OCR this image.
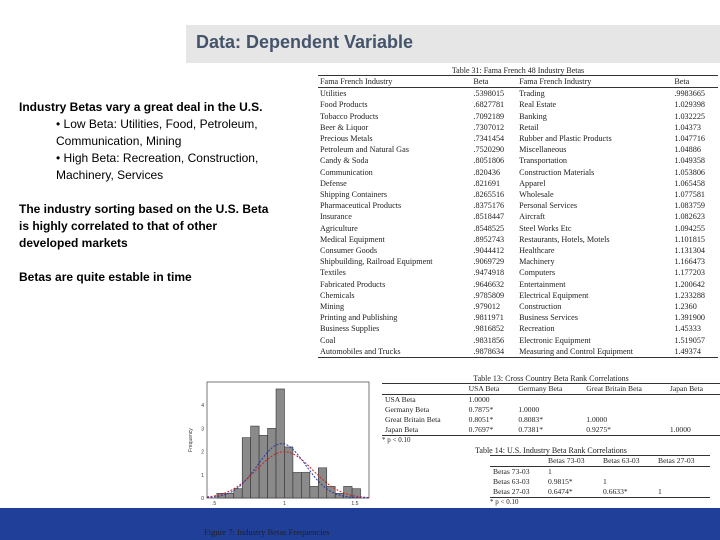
Data: Dependent Variable
Industry Betas vary a great deal in the U.S.
• Low Beta: Utilities, Food, Petroleum, Communication, Mining
• High Beta: Recreation, Construction, Machinery, Services
The industry sorting based on the U.S. Beta is highly correlated to that of other developed markets
Betas are quite estable in time
Table 31: Fama French 48 Industry Betas
Fama French Industry	Beta	Fama French Industry	Beta
Utilities	.5398015	Trading	.9983665
Food Products	.6827781	Real Estate	1.029398
Tobacco Products	.7092189	Banking	1.032225
Beer & Liquor	.7307012	Retail	1.04373
Precious Metals	.7341454	Rubber and Plastic Products	1.047716
Petroleum and Natural Gas	.7520290	Miscellaneous	1.04886
Candy & Soda	.8051806	Transportation	1.049358
Communication	.820436	Construction Materials	1.053806
Defense	.821691	Apparel	1.065458
Shipping Containers	.8265516	Wholesale	1.077581
Pharmaceutical Products	.8375176	Personal Services	1.083759
Insurance	.8518447	Aircraft	1.082623
Agriculture	.8548525	Steel Works Etc	1.094255
Medical Equipment	.8952743	Restaurants, Hotels, Motels	1.101815
Consumer Goods	.9044412	Healthcare	1.131304
Shipbuilding, Railroad Equipment	.9069729	Machinery	1.166473
Textiles	.9474918	Computers	1.177203
Fabricated Products	.9646632	Entertainment	1.200642
Chemicals	.9785809	Electrical Equipment	1.233288
Mining	.979012	Construction	1.2360
Printing and Publishing	.9811971	Business Services	1.391900
Business Supplies	.9816852	Recreation	1.45333
Coal	.9831856	Electronic Equipment	1.519057
Automobiles and Trucks	.9878634	Measuring and Control Equipment	1.49374
0
1
2
3
4
.5	1	1.5
Frequency
Table 13: Cross Country Beta Rank Correlations
	USA Beta	Germany Beta	Great Britain Beta	Japan Beta
USA Beta	1.0000			
Germany Beta	0.7875*	1.0000		
Great Britain Beta	0.8051*	0.8083*	1.0000	
Japan Beta	0.7697*	0.7381*	0.9275*	1.0000
* p < 0.10
Table 14: U.S. Industry Beta Rank Correlations
	Betas 73-03	Betas 63-03	Betas 27-03
Betas 73-03	1		
Betas 63-03	0.9815*	1	
Betas 27-03	0.6474*	0.6633*	1
* p < 0.10
Figure 7: Industry Betas Frequencies
